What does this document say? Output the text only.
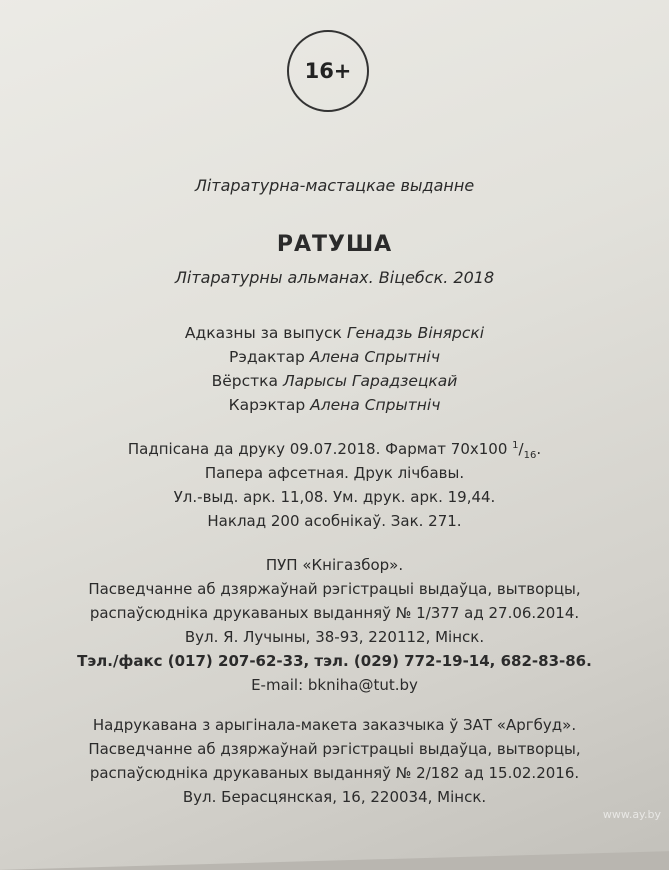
16+
Літаратурна-мастацкае выданне
РАТУША
Літаратурны альманах. Віцебск. 2018
Адказны за выпуск Генадзь Вінярскі
Рэдактар Алена Спрытніч
Вёрстка Ларысы Гарадзецкай
Карэктар Алена Спрытніч
Падпісана да друку 09.07.2018. Фармат 70х100 $^1/_{16}$.
Папера афсетная. Друк лічбавы.
Ул.-выд. арк. 11,08. Ум. друк. арк. 19,44.
Наклад 200 асобнікаў. Зак. 271.
ПУП «Кнігазбор».
Пасведчанне аб дзяржаўнай рэгістрацыі выдаўца, вытворцы,
распаўсюдніка друкаваных выданняў № 1/377 ад 27.06.2014.
Вул. Я. Лучыны, 38-93, 220112, Мінск.
Тэл./факс (017) 207-62-33, тэл. (029) 772-19-14, 682-83-86.
E-mail: bkniha@tut.by
Надрукавана з арыгінала-макета заказчыка ў ЗАТ «Аргбуд».
Пасведчанне аб дзяржаўнай рэгістрацыі выдаўца, вытворцы,
распаўсюдніка друкаваных выданняў № 2/182 ад 15.02.2016.
Вул. Берасцянская, 16, 220034, Мінск.
www.ay.by
